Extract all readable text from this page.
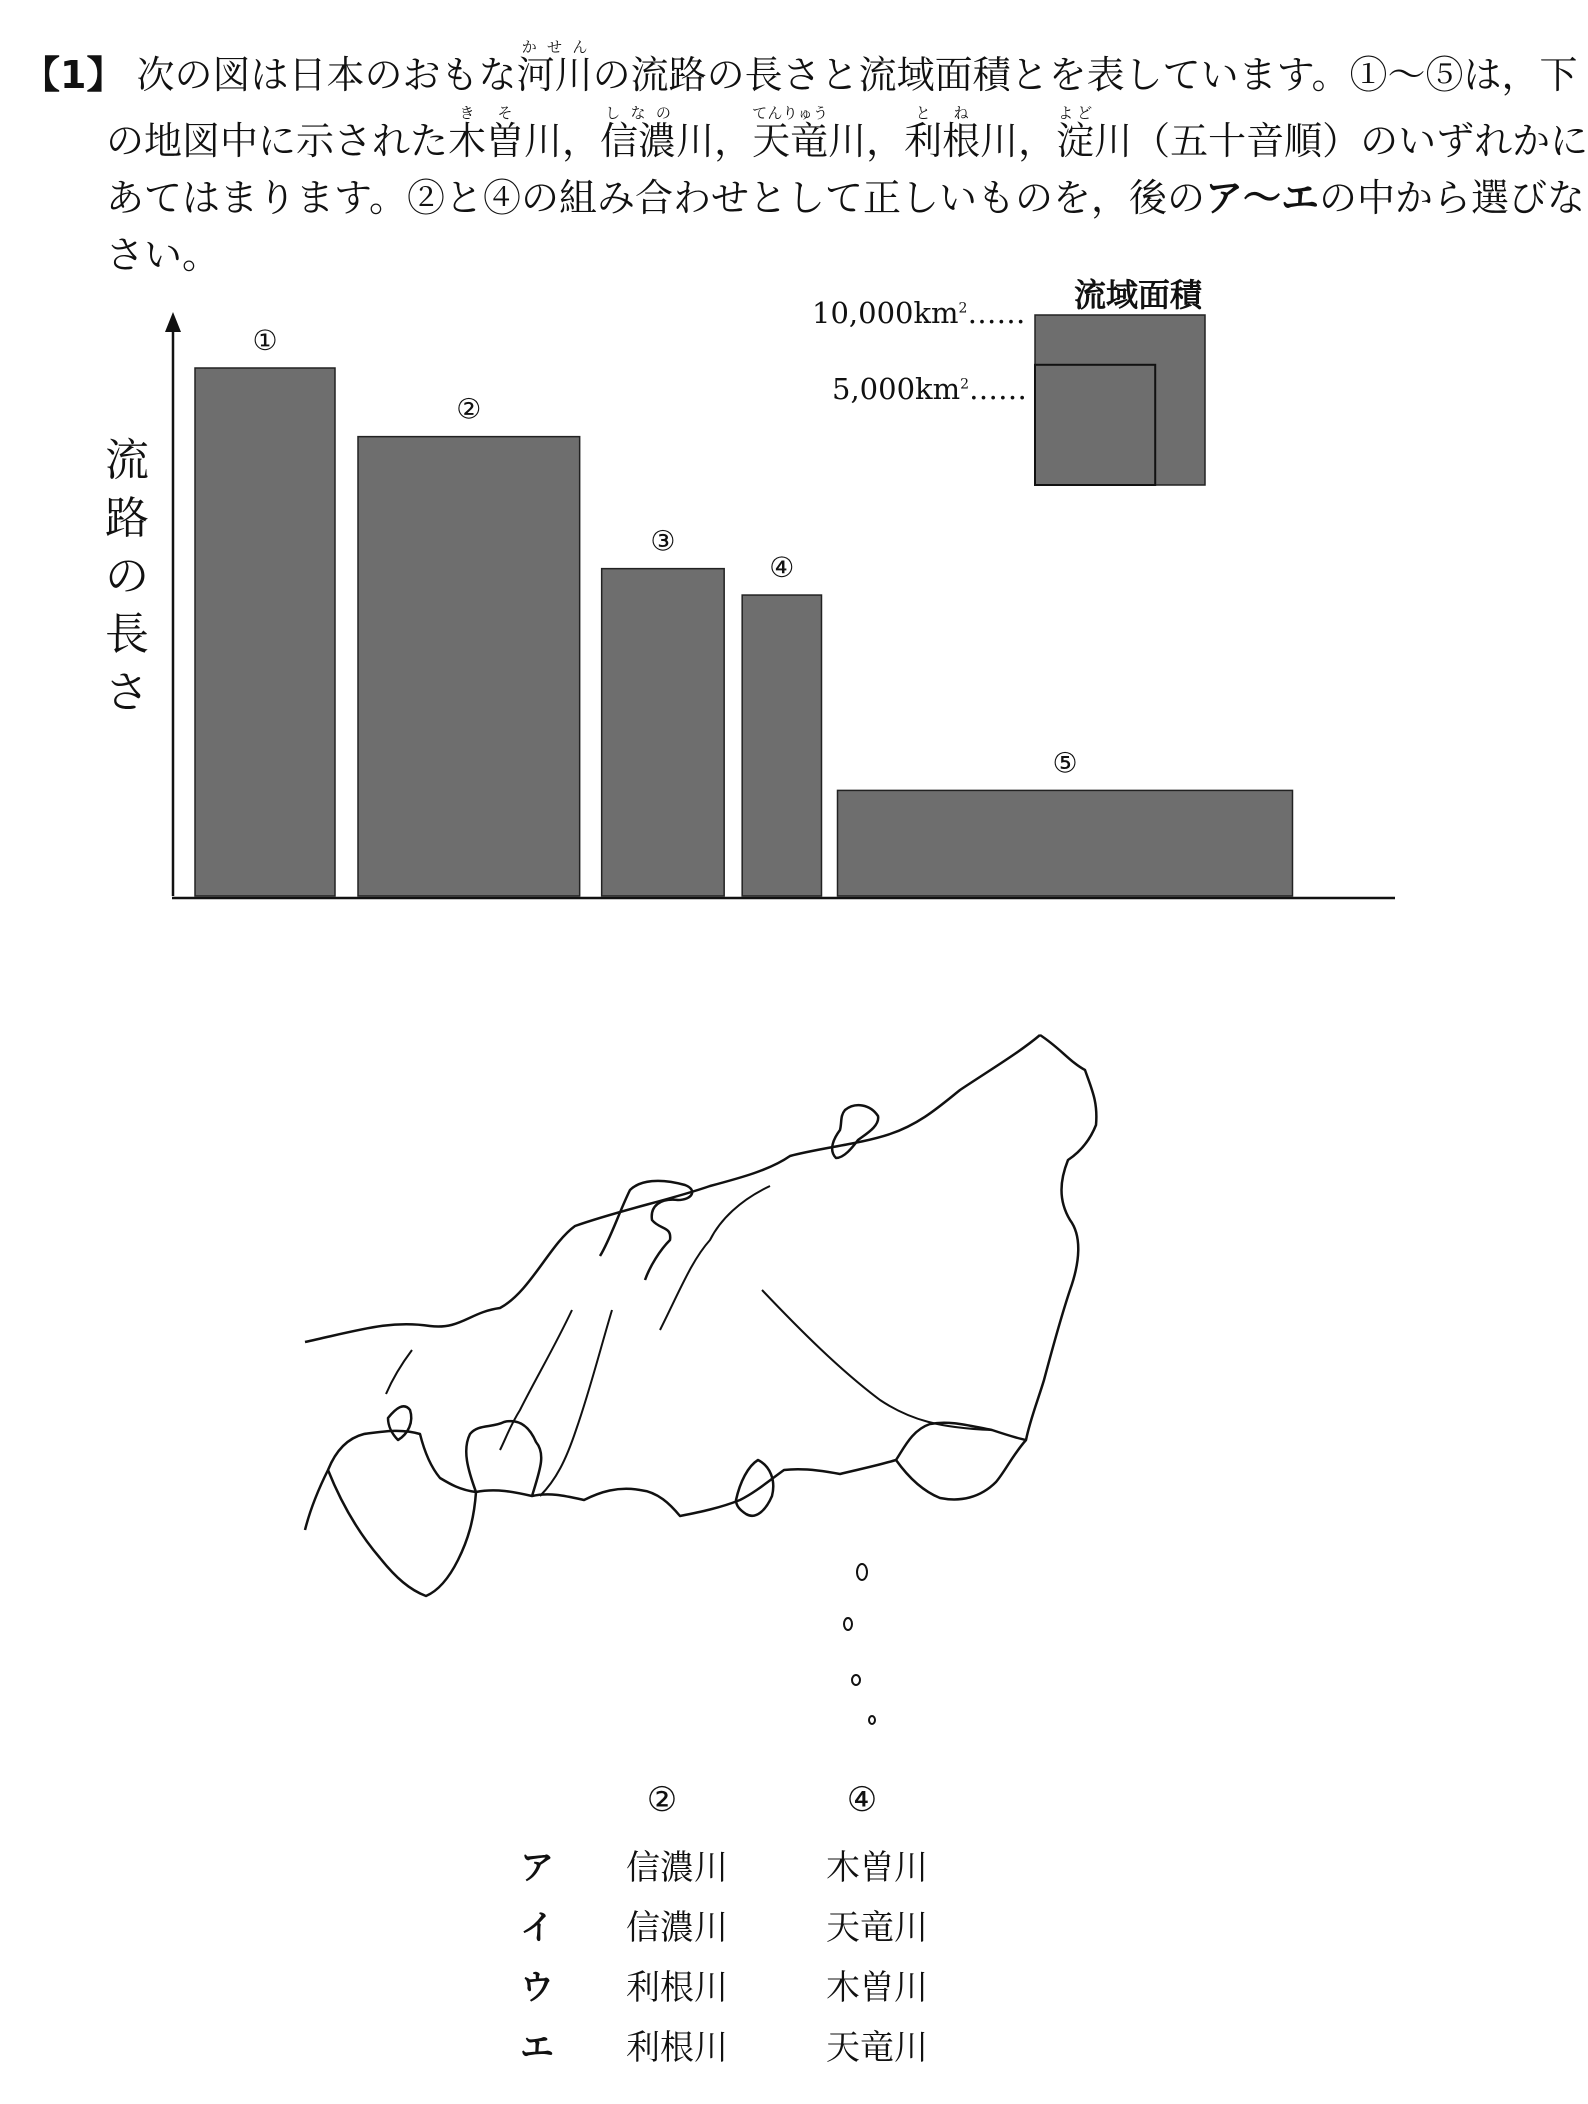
【1】 次の図は日本のおもな河川かせんの流路の長さと流域面積とを表しています。①～⑤は，下
の地図中に示された木曽きそ川，信濃しなの川，天竜てんりゅう川，利根とね川，淀よど川（五十音順）のいずれかに
あてはまります。②と④の組み合わせとして正しいものを，後のア～エの中から選びな
さい。
①
②
③
④
⑤
流路の長さ
流域面積
$10,000km^2\dots\dots$
$5,000km^2\dots\dots$
②	④
ア 信濃川	木曽川
イ 信濃川	天竜川
ウ 利根川	木曽川
エ 利根川	天竜川
